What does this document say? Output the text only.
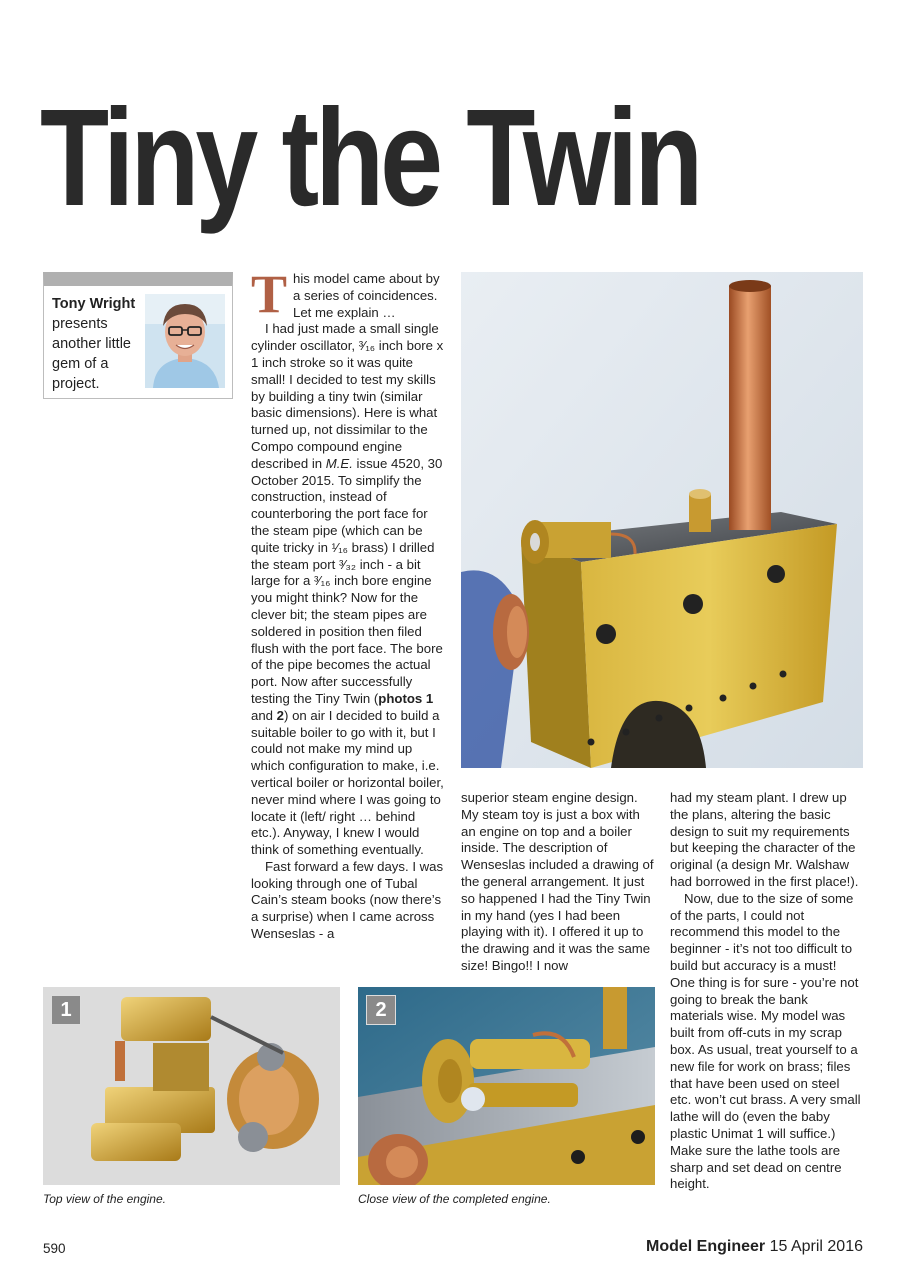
Tiny the Twin
Tony Wright
presents another little gem of a project.
T his model came about by a series of coincidences. Let me explain …

I had just made a small single cylinder oscillator, ³⁄₁₆ inch bore x 1 inch stroke so it was quite small! I decided to test my skills by building a tiny twin (similar basic dimensions). Here is what turned up, not dissimilar to the Compo compound engine described in M.E. issue 4520, 30 October 2015. To simplify the construction, instead of counterboring the port face for the steam pipe (which can be quite tricky in ¹⁄₁₆ brass) I drilled the steam port ³⁄₃₂ inch - a bit large for a ³⁄₁₆ inch bore engine you might think? Now for the clever bit; the steam pipes are soldered in position then filed flush with the port face. The bore of the pipe becomes the actual port. Now after successfully testing the Tiny Twin (photos 1 and 2) on air I decided to build a suitable boiler to go with it, but I could not make my mind up which configuration to make, i.e. vertical boiler or horizontal boiler, never mind where I was going to locate it (left/ right … behind etc.). Anyway, I knew I would think of something eventually.

Fast forward a few days. I was looking through one of Tubal Cain’s steam books (now there’s a surprise) when I came across Wenseslas - a

superior steam engine design. My steam toy is just a box with an engine on top and a boiler inside. The description of Wenseslas included a drawing of the general arrangement. It just so happened I had the Tiny Twin in my hand (yes I had been playing with it). I offered it up to the drawing and it was the same size! Bingo!! I now

had my steam plant. I drew up the plans, altering the basic design to suit my requirements but keeping the character of the original (a design Mr. Walshaw had borrowed in the first place!).

Now, due to the size of some of the parts, I could not recommend this model to the beginner - it’s not too difficult to build but accuracy is a must! One thing is for sure - you’re not going to break the bank materials wise. My model was built from off-cuts in my scrap box. As usual, treat yourself to a new file for work on brass; files that have been used on steel etc. won’t cut brass. A very small lathe will do (even the baby plastic Unimat 1 will suffice.) Make sure the lathe tools are sharp and set dead on centre height.

1	2
Top view of the engine.	Close view of the completed engine.
590	Model Engineer 15 April 2016
